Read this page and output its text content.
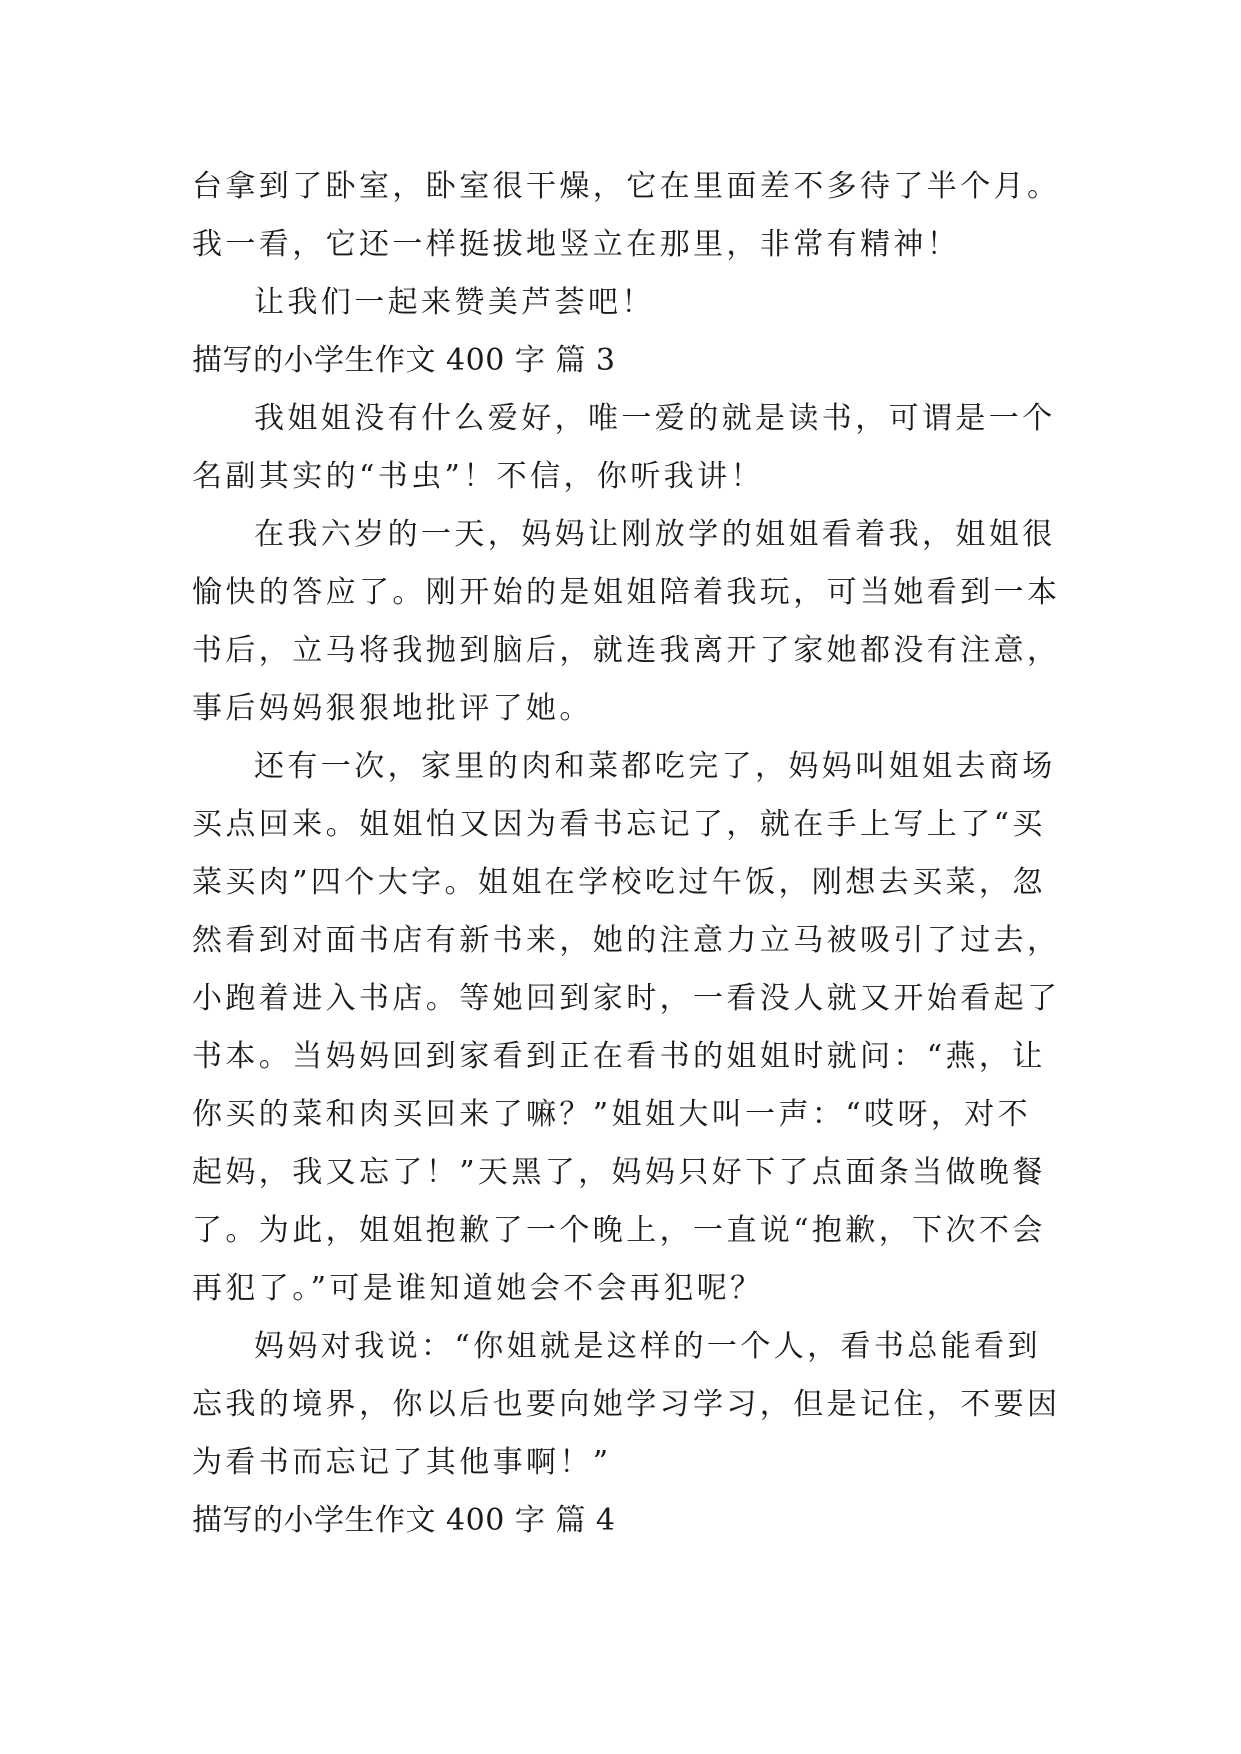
台拿到了卧室，卧室很干燥，它在里面差不多待了半个月。
我一看，它还一样挺拔地竖立在那里，非常有精神！
让我们一起来赞美芦荟吧！
描写的小学生作文 400 字 篇 3
我姐姐没有什么爱好，唯一爱的就是读书，可谓是一个
名副其实的“书虫”！不信，你听我讲！
在我六岁的一天，妈妈让刚放学的姐姐看着我，姐姐很
愉快的答应了。刚开始的是姐姐陪着我玩，可当她看到一本
书后，立马将我抛到脑后，就连我离开了家她都没有注意，
事后妈妈狠狠地批评了她。
还有一次，家里的肉和菜都吃完了，妈妈叫姐姐去商场
买点回来。姐姐怕又因为看书忘记了，就在手上写上了“买
菜买肉”四个大字。姐姐在学校吃过午饭，刚想去买菜，忽
然看到对面书店有新书来，她的注意力立马被吸引了过去，
小跑着进入书店。等她回到家时，一看没人就又开始看起了
书本。当妈妈回到家看到正在看书的姐姐时就问：“燕，让
你买的菜和肉买回来了嘛？”姐姐大叫一声：“哎呀，对不
起妈，我又忘了！”天黑了，妈妈只好下了点面条当做晚餐
了。为此，姐姐抱歉了一个晚上，一直说“抱歉，下次不会
再犯了。”可是谁知道她会不会再犯呢？
妈妈对我说：“你姐就是这样的一个人，看书总能看到
忘我的境界，你以后也要向她学习学习，但是记住，不要因
为看书而忘记了其他事啊！”
描写的小学生作文 400 字 篇 4
